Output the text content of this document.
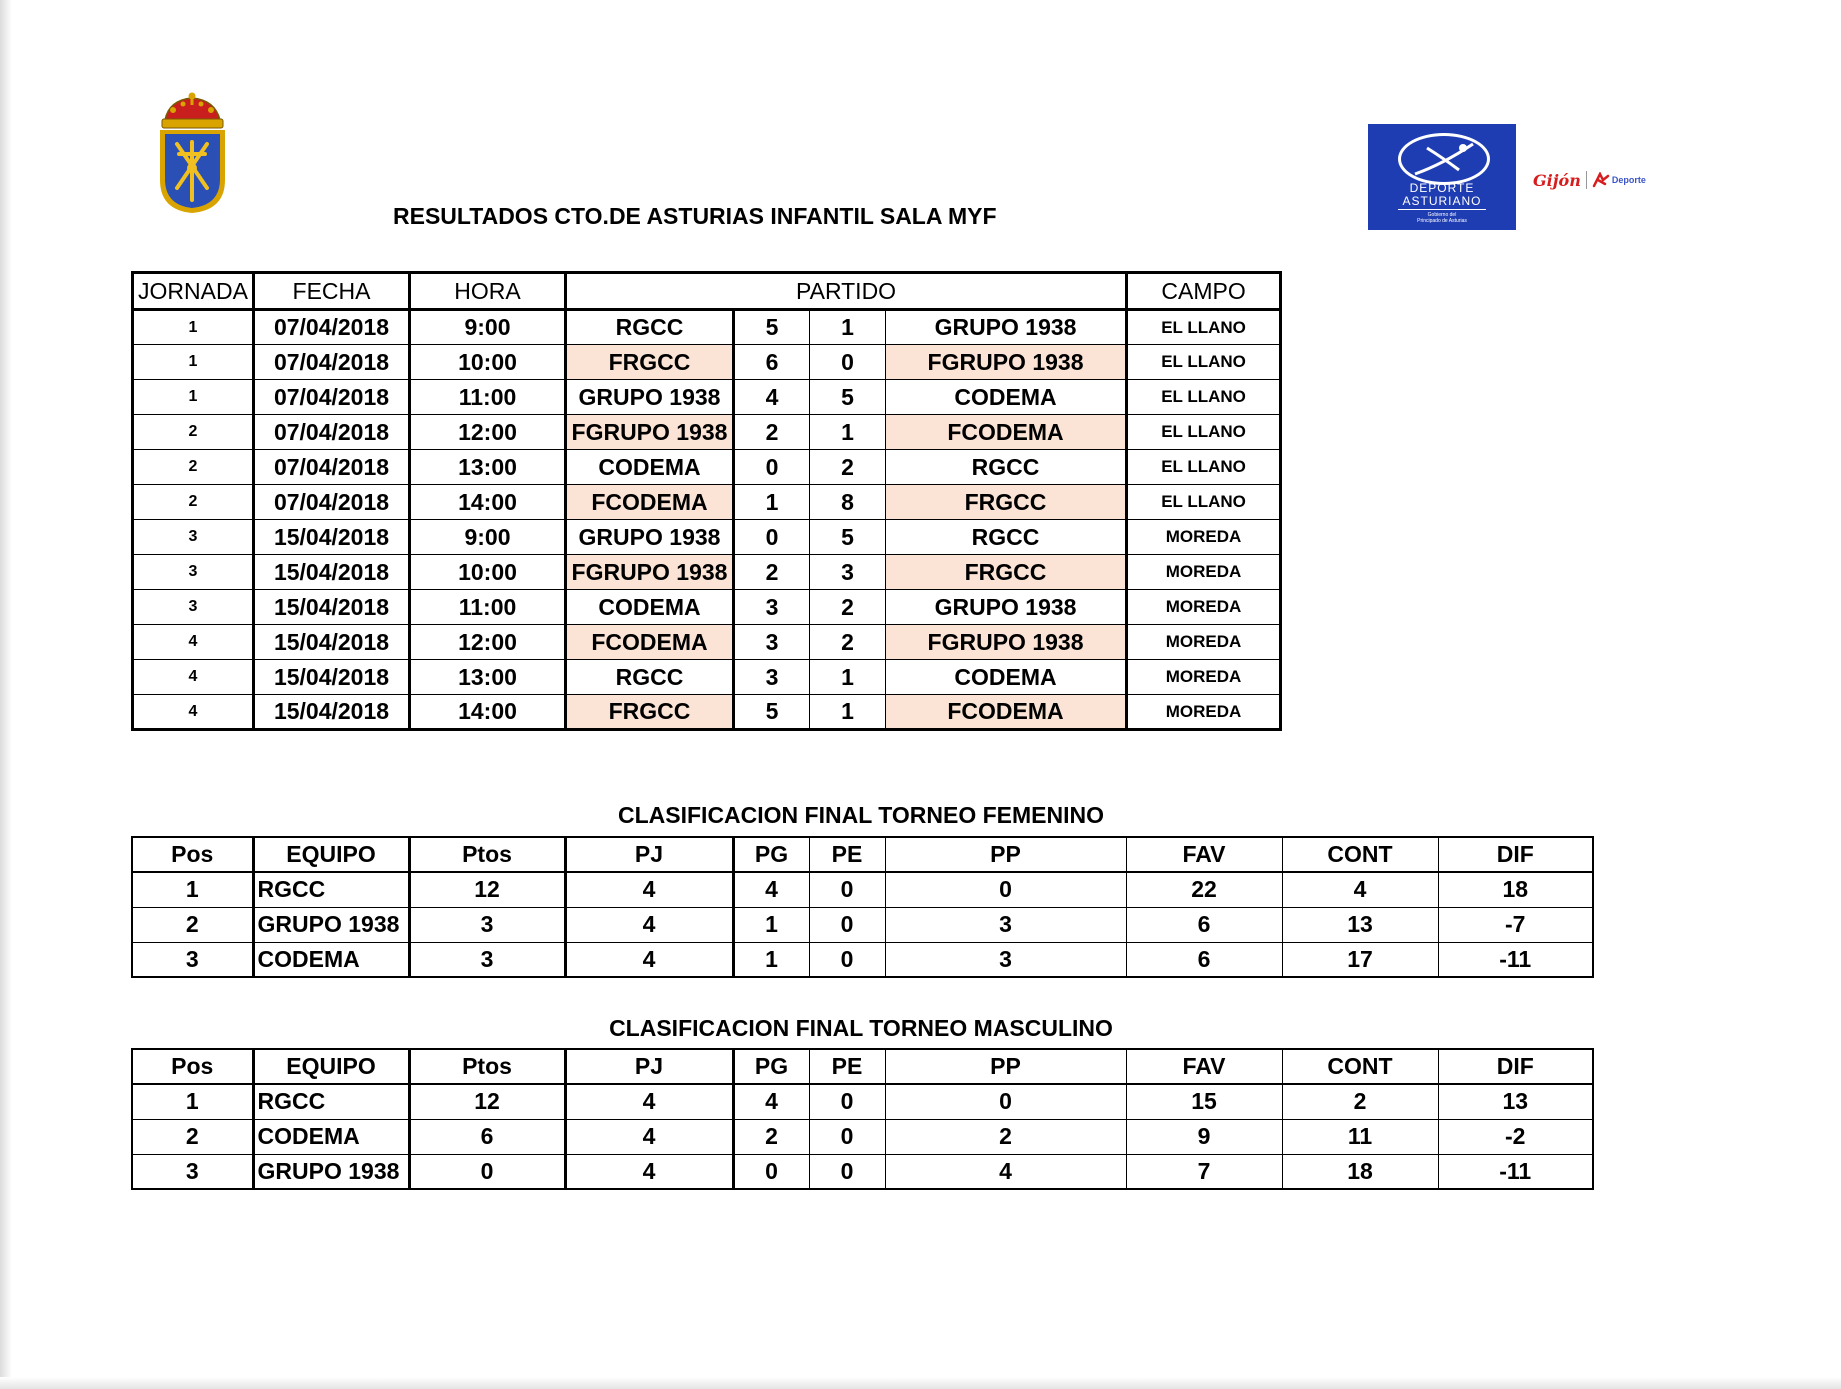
DEPORTE
ASTURIANO
Gobierno del
Principado de Asturias
Gijón	Deporte
RESULTADOS CTO.DE ASTURIAS INFANTIL SALA MYF
JORNADA	FECHA	HORA	PARTIDO				CAMPO
1	07/04/2018	9:00	RGCC	5	1	GRUPO 1938	EL LLANO
1	07/04/2018	10:00	FRGCC	6	0	FGRUPO 1938	EL LLANO
1	07/04/2018	11:00	GRUPO 1938	4	5	CODEMA	EL LLANO
2	07/04/2018	12:00	FGRUPO 1938	2	1	FCODEMA	EL LLANO
2	07/04/2018	13:00	CODEMA	0	2	RGCC	EL LLANO
2	07/04/2018	14:00	FCODEMA	1	8	FRGCC	EL LLANO
3	15/04/2018	9:00	GRUPO 1938	0	5	RGCC	MOREDA
3	15/04/2018	10:00	FGRUPO 1938	2	3	FRGCC	MOREDA
3	15/04/2018	11:00	CODEMA	3	2	GRUPO 1938	MOREDA
4	15/04/2018	12:00	FCODEMA	3	2	FGRUPO 1938	MOREDA
4	15/04/2018	13:00	RGCC	3	1	CODEMA	MOREDA
4	15/04/2018	14:00	FRGCC	5	1	FCODEMA	MOREDA
CLASIFICACION FINAL TORNEO FEMENINO
Pos	EQUIPO	Ptos	PJ	PG	PE	PP	FAV	CONT	DIF
1	RGCC	12	4	4	0	0	22	4	18
2	GRUPO 1938	3	4	1	0	3	6	13	-7
3	CODEMA	3	4	1	0	3	6	17	-11
CLASIFICACION FINAL TORNEO MASCULINO
Pos	EQUIPO	Ptos	PJ	PG	PE	PP	FAV	CONT	DIF
1	RGCC	12	4	4	0	0	15	2	13
2	CODEMA	6	4	2	0	2	9	11	-2
3	GRUPO 1938	0	4	0	0	4	7	18	-11
